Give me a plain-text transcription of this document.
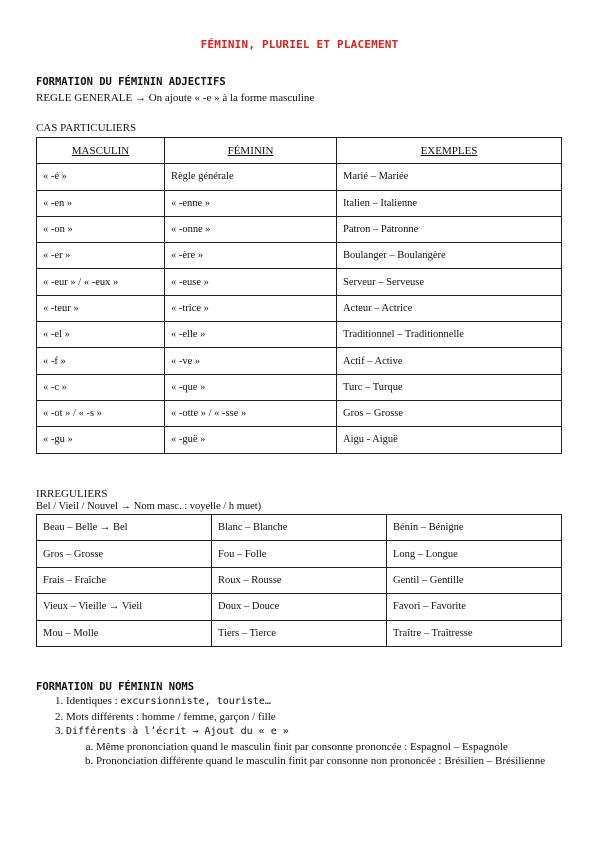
FÉMININ, PLURIEL ET PLACEMENT
FORMATION DU FÉMININ ADJECTIFS
REGLE GENERALE → On ajoute « -e » à la forme masculine
CAS PARTICULIERS
MASCULIN	FÉMININ	EXEMPLES
« -é »	Règle générale	Marié – Mariée
« -en »	« -enne »	Italien – Italienne
« -on »	« -onne »	Patron – Patronne
« -er »	« -ère »	Boulanger – Boulangère
« -eur » / « -eux »	« -euse »	Serveur – Serveuse
« -teur »	« -trice »	Acteur – Actrice
« -el »	« -elle »	Traditionnel – Traditionnelle
« -f »	« -ve »	Actif – Active
« -c »	« -que »	Turc – Turque
« -ot » / « -s »	« -otte » / « -sse »	Gros – Grosse
« -gu »	« -guë »	Aigu - Aiguë
IRREGULIERS
Bel / Vieil / Nouvel → Nom masc. : voyelle / h muet)
Beau – Belle → Bel	Blanc – Blanche	Bénin – Bénigne
Gros – Grosse	Fou – Folle	Long – Longue
Frais – Fraîche	Roux – Rousse	Gentil – Gentille
Vieux – Vieille → Vieil	Doux – Douce	Favori – Favorite
Mou – Molle	Tiers – Tierce	Traître – Traîtresse
FORMATION DU FÉMININ NOMS
1. Identiques : excursionniste, touriste…
2. Mots différents : homme / femme, garçon / fille
3. Différents à l’écrit → Ajout du « e »
a. Même prononciation quand le masculin finit par consonne prononcée : Espagnol – Espagnole
b. Prononciation différente quand le masculin finit par consonne non prononcée : Brésilien – Brésilienne
